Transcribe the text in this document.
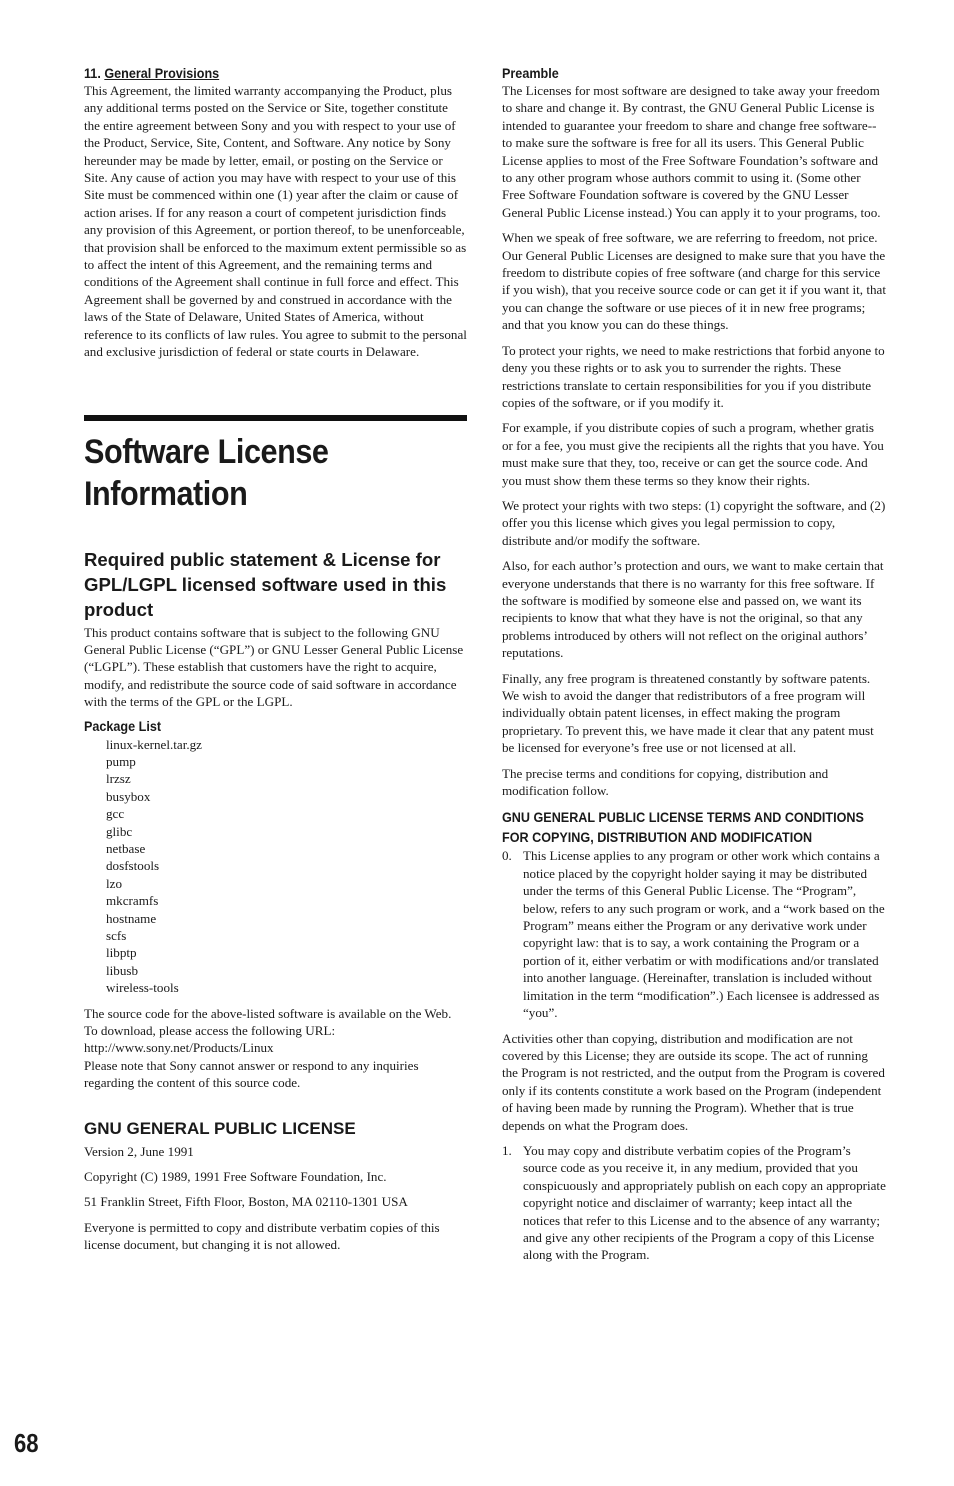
11. General Provisions

This Agreement, the limited warranty accompanying the Product, plus any additional terms posted on the Service or Site, together constitute the entire agreement between Sony and you with respect to your use of the Product, Service, Site, Content, and Software. Any notice by Sony hereunder may be made by letter, email, or posting on the Service or Site. Any cause of action you may have with respect to your use of this Site must be commenced within one (1) year after the claim or cause of action arises. If for any reason a court of competent jurisdiction finds any provision of this Agreement, or portion thereof, to be unenforceable, that provision shall be enforced to the maximum extent permissible so as to affect the intent of this Agreement, and the remaining terms and conditions of the Agreement shall continue in full force and effect. This Agreement shall be governed by and construed in accordance with the laws of the State of Delaware, United States of America, without reference to its conflicts of law rules. You agree to submit to the personal and exclusive jurisdiction of federal or state courts in Delaware.

Software License Information
Required public statement & License for GPL/LGPL licensed software used in this product

This product contains software that is subject to the following GNU General Public License (“GPL”) or GNU Lesser General Public License (“LGPL”). These establish that customers have the right to acquire, modify, and redistribute the source code of said software in accordance with the terms of the GPL or the LGPL.

Package List
linux-kernel.tar.gz
pump
lrzsz
busybox
gcc
glibc
netbase
dosfstools
lzo
mkcramfs
hostname
scfs
libptp
libusb
wireless-tools

The source code for the above-listed software is available on the Web.

To download, please access the following URL:

http://www.sony.net/Products/Linux

Please note that Sony cannot answer or respond to any inquiries regarding the content of this source code.

GNU GENERAL PUBLIC LICENSE

Version 2, June 1991

Copyright (C) 1989, 1991 Free Software Foundation, Inc.

51 Franklin Street, Fifth Floor, Boston, MA 02110-1301 USA

Everyone is permitted to copy and distribute verbatim copies of this license document, but changing it is not allowed.

Preamble

The Licenses for most software are designed to take away your freedom to share and change it. By contrast, the GNU General Public License is intended to guarantee your freedom to share and change free software--to make sure the software is free for all its users. This General Public License applies to most of the Free Software Foundation’s software and to any other program whose authors commit to using it. (Some other Free Software Foundation software is covered by the GNU Lesser General Public License instead.) You can apply it to your programs, too.

When we speak of free software, we are referring to freedom, not price. Our General Public Licenses are designed to make sure that you have the freedom to distribute copies of free software (and charge for this service if you wish), that you receive source code or can get it if you want it, that you can change the software or use pieces of it in new free programs; and that you know you can do these things.

To protect your rights, we need to make restrictions that forbid anyone to deny you these rights or to ask you to surrender the rights. These restrictions translate to certain responsibilities for you if you distribute copies of the software, or if you modify it.

For example, if you distribute copies of such a program, whether gratis or for a fee, you must give the recipients all the rights that you have. You must make sure that they, too, receive or can get the source code. And you must show them these terms so they know their rights.

We protect your rights with two steps: (1) copyright the software, and (2) offer you this license which gives you legal permission to copy, distribute and/or modify the software.

Also, for each author’s protection and ours, we want to make certain that everyone understands that there is no warranty for this free software. If the software is modified by someone else and passed on, we want its recipients to know that what they have is not the original, so that any problems introduced by others will not reflect on the original authors’ reputations.

Finally, any free program is threatened constantly by software patents. We wish to avoid the danger that redistributors of a free program will individually obtain patent licenses, in effect making the program proprietary. To prevent this, we have made it clear that any patent must be licensed for everyone’s free use or not licensed at all.

The precise terms and conditions for copying, distribution and modification follow.

GNU GENERAL PUBLIC LICENSE TERMS AND CONDITIONS FOR COPYING, DISTRIBUTION AND MODIFICATION
0. This License applies to any program or other work which contains a notice placed by the copyright holder saying it may be distributed under the terms of this General Public License. The “Program”, below, refers to any such program or work, and a “work based on the Program” means either the Program or any derivative work under copyright law: that is to say, a work containing the Program or a portion of it, either verbatim or with modifications and/or translated into another language. (Hereinafter, translation is included without limitation in the term “modification”.) Each licensee is addressed as “you”.

Activities other than copying, distribution and modification are not covered by this License; they are outside its scope. The act of running the Program is not restricted, and the output from the Program is covered only if its contents constitute a work based on the Program (independent of having been made by running the Program). Whether that is true depends on what the Program does.

1. You may copy and distribute verbatim copies of the Program’s source code as you receive it, in any medium, provided that you conspicuously and appropriately publish on each copy an appropriate copyright notice and disclaimer of warranty; keep intact all the notices that refer to this License and to the absence of any warranty; and give any other recipients of the Program a copy of this License along with the Program.
68
